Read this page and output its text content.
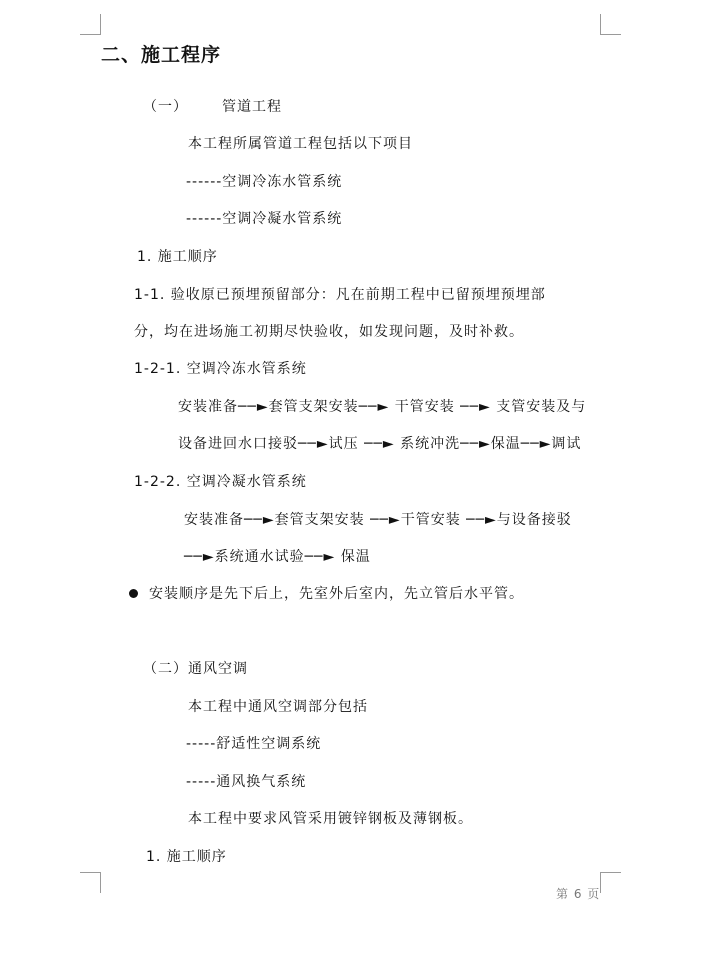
二、施工程序
（一） 管道工程
本工程所属管道工程包括以下项目
------空调冷冻水管系统
------空调冷凝水管系统
1. 施工顺序
1-1. 验收原已预埋预留部分：凡在前期工程中已留预埋预埋部
分，均在进场施工初期尽快验收，如发现问题，及时补救。
1-2-1. 空调冷冻水管系统
安装准备──►套管支架安装──► 干管安装 ──► 支管安装及与
设备进回水口接驳──►试压 ──► 系统冲洗──►保温──►调试
1-2-2. 空调冷凝水管系统
安装准备──►套管支架安装 ──►干管安装 ──►与设备接驳
──►系统通水试验──► 保温
安装顺序是先下后上，先室外后室内，先立管后水平管。
（二）通风空调
本工程中通风空调部分包括
-----舒适性空调系统
-----通风换气系统
本工程中要求风管采用镀锌钢板及薄钢板。
1. 施工顺序
第 6 页
